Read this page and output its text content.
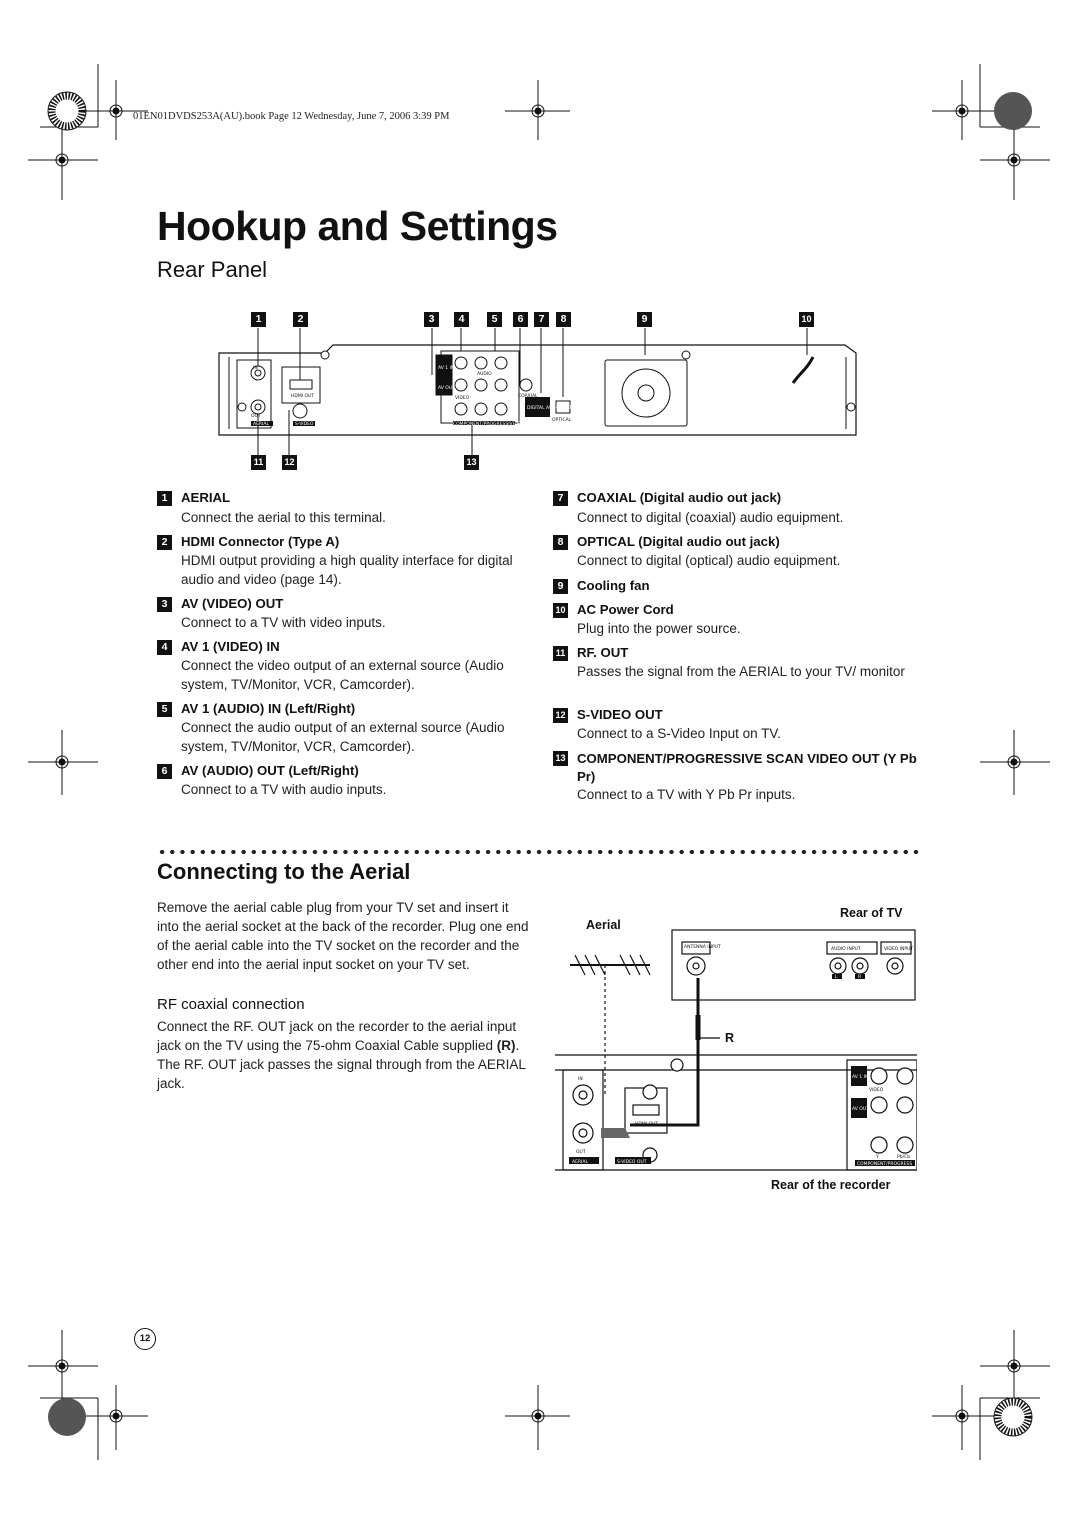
01EN01DVDS253A(AU).book Page 12 Wednesday, June 7, 2006 3:39 PM
Hookup and Settings
Rear Panel
1	2	3	4	5	6	7	8	9	10
11	12	13
AERIAL	S-VIDEO OUT
HDMI OUT
AV 1 IN
AV OUT
VIDEO
AUDIO
COAXIAL
DIGITAL AUDIO OUT
OPTICAL
COMPONENT/PROGRESSIVE SCAN VIDEO OUT
IN
OUT
1	AERIAL
Connect the aerial to this terminal.
2	HDMI Connector (Type A)
HDMI output providing a high quality interface for digital audio and video (page 14).
3	AV (VIDEO) OUT
Connect to a TV with video inputs.
4	AV 1 (VIDEO) IN
Connect the video output of an external source (Audio system, TV/Monitor, VCR, Camcorder).
5	AV 1 (AUDIO) IN (Left/Right)
Connect the audio output of an external source (Audio system, TV/Monitor, VCR, Camcorder).
6	AV (AUDIO) OUT (Left/Right)
Connect to a TV with audio inputs.
7	COAXIAL (Digital audio out jack)
Connect to digital (coaxial) audio equipment.
8	OPTICAL (Digital audio out jack)
Connect to digital (optical) audio equipment.
9	Cooling fan
10 AC Power Cord
Plug into the power source.
11 RF. OUT
Passes the signal from the AERIAL to your TV/ monitor
12 S-VIDEO OUT
Connect to a S-Video Input on TV.
13 COMPONENT/PROGRESSIVE SCAN VIDEO OUT (Y Pb Pr)
Connect to a TV with Y Pb Pr inputs.
Connecting to the Aerial
Remove the aerial cable plug from your TV set and insert it into the aerial socket at the back of the recorder. Plug one end of the aerial cable into the TV socket on the recorder and the other end into the aerial input socket on your TV set.
RF coaxial connection
Connect the RF. OUT jack on the recorder to the aerial input jack on the TV using the 75-ohm Coaxial Cable supplied (R). The RF. OUT jack passes the signal through from the AERIAL jack.
Rear of TV
Aerial
R
Rear of the recorder
ANTENNA INPUT	AUDIO INPUT	VIDEO INPUT
L	R
IN
OUT
AERIAL
HDMI OUT
S-VIDEO OUT
AV 1 IN
AV OUT
VIDEO
COMPONENT/PROGRESS
Y	Pb/Cb
12
